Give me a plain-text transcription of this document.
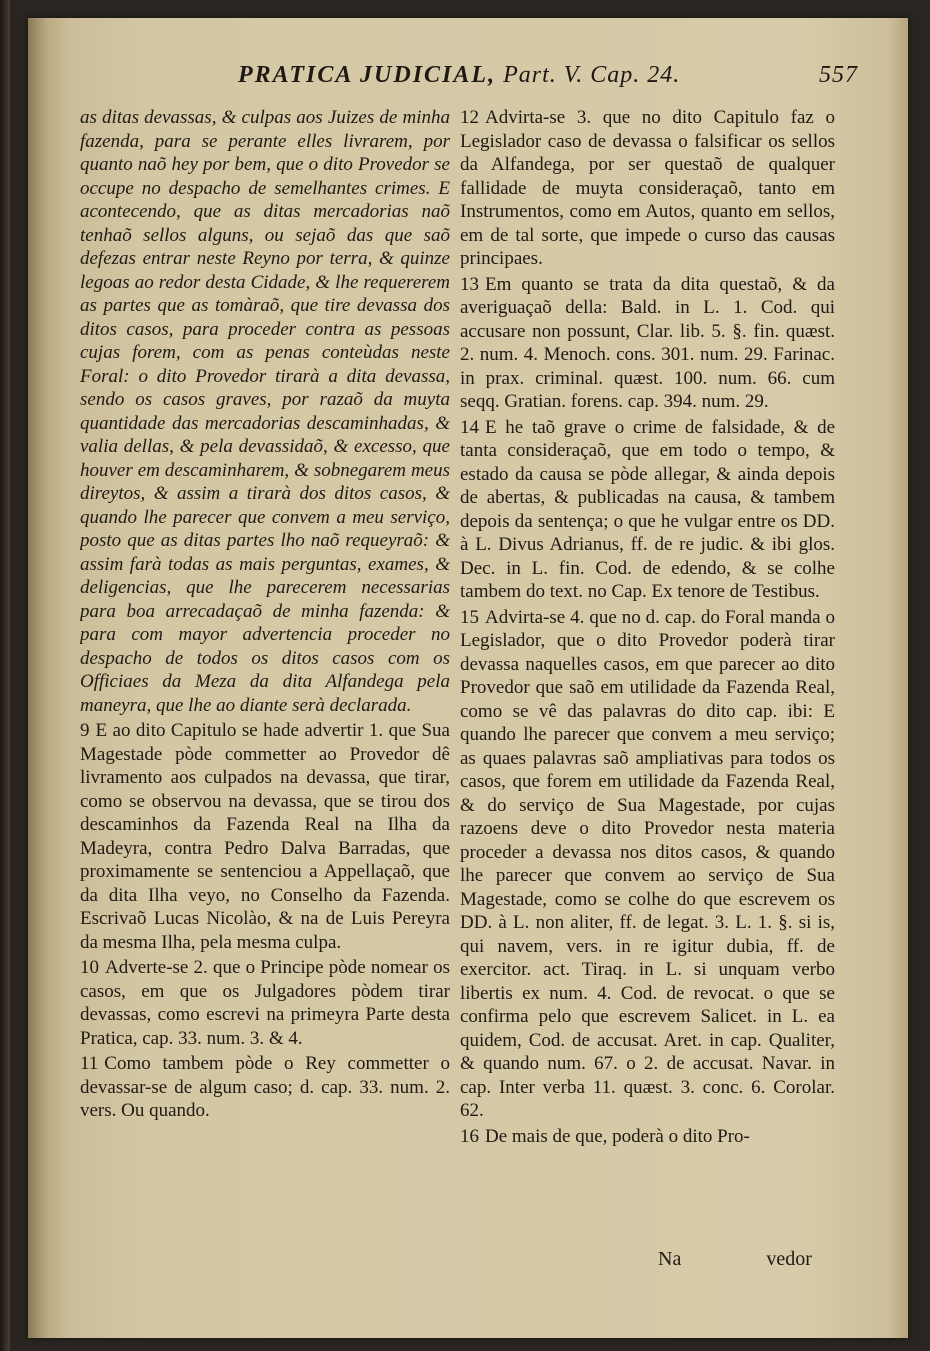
PRATICA JUDICIAL, Part. V. Cap. 24.	557

as ditas devassas, & culpas aos Juizes de minha fazenda, para se perante elles livrarem, por quanto naõ hey por bem, que o dito Provedor se occupe no despacho de semelhantes crimes. E acontecendo, que as ditas mercadorias naõ tenhaõ sellos alguns, ou sejaõ das que saõ defezas entrar neste Reyno por terra, & quinze legoas ao redor desta Cidade, & lhe requererem as partes que as tomàraõ, que tire devassa dos ditos casos, para proceder contra as pessoas cujas forem, com as penas conteùdas neste Foral: o dito Provedor tirarà a dita devassa, sendo os casos graves, por razaõ da muyta quantidade das mercadorias descaminhadas, & valia dellas, & pela devassidaõ, & excesso, que houver em descaminharem, & sobnegarem meus direytos, & assim a tirarà dos ditos casos, & quando lhe parecer que convem a meu serviço, posto que as ditas partes lho naõ requeyraõ: & assim farà todas as mais perguntas, exames, & deligencias, que lhe parecerem necessarias para boa arrecadaçaõ de minha fazenda: & para com mayor advertencia proceder no despacho de todos os ditos casos com os Officiaes da Meza da dita Alfandega pela maneyra, que lhe ao diante serà declarada.

9 E ao dito Capitulo se hade advertir 1. que Sua Magestade pòde commetter ao Provedor dê livramento aos culpados na devassa, que tirar, como se observou na devassa, que se tirou dos descaminhos da Fazenda Real na Ilha da Madeyra, contra Pedro Dalva Barradas, que proximamente se sentenciou a Appellaçaõ, que da dita Ilha veyo, no Conselho da Fazenda. Escrivaõ Lucas Nicolào, & na de Luis Pereyra da mesma Ilha, pela mesma culpa.

10 Adverte-se 2. que o Principe pòde nomear os casos, em que os Julgadores pòdem tirar devassas, como escrevi na primeyra Parte desta Pratica, cap. 33. num. 3. & 4.

11 Como tambem pòde o Rey commetter o devassar-se de algum caso; d. cap. 33. num. 2. vers. Ou quando.

12 Advirta-se 3. que no dito Capitulo faz o Legislador caso de devassa o falsificar os sellos da Alfandega, por ser questaõ de qualquer fallidade de muyta consideraçaõ, tanto em Instrumentos, como em Autos, quanto em sellos, em de tal sorte, que impede o curso das causas principaes.

13 Em quanto se trata da dita questaõ, & da averiguaçaõ della: Bald. in L. 1. Cod. qui accusare non possunt, Clar. lib. 5. §. fin. quæst. 2. num. 4. Menoch. cons. 301. num. 29. Farinac. in prax. criminal. quæst. 100. num. 66. cum seqq. Gratian. forens. cap. 394. num. 29.

14 E he taõ grave o crime de falsidade, & de tanta consideraçaõ, que em todo o tempo, & estado da causa se pòde allegar, & ainda depois de abertas, & publicadas na causa, & tambem depois da sentença; o que he vulgar entre os DD. à L. Divus Adrianus, ff. de re judic. & ibi glos. Dec. in L. fin. Cod. de edendo, & se colhe tambem do text. no Cap. Ex tenore de Testibus.

15 Advirta-se 4. que no d. cap. do Foral manda o Legislador, que o dito Provedor poderà tirar devassa naquelles casos, em que parecer ao dito Provedor que saõ em utilidade da Fazenda Real, como se vê das palavras do dito cap. ibi: E quando lhe parecer que convem a meu serviço; as quaes palavras saõ ampliativas para todos os casos, que forem em utilidade da Fazenda Real, & do serviço de Sua Magestade, por cujas razoens deve o dito Provedor nesta materia proceder a devassa nos ditos casos, & quando lhe parecer que convem ao serviço de Sua Magestade, como se colhe do que escrevem os DD. à L. non aliter, ff. de legat. 3. L. 1. §. si is, qui navem, vers. in re igitur dubia, ff. de exercitor. act. Tiraq. in L. si unquam verbo libertis ex num. 4. Cod. de revocat. o que se confirma pelo que escrevem Salicet. in L. ea quidem, Cod. de accusat. Aret. in cap. Qualiter, & quando num. 67. o 2. de accusat. Navar. in cap. Inter verba 11. quæst. 3. conc. 6. Corolar. 62.

16 De mais de que, poderà o dito Pro-

Na	vedor
